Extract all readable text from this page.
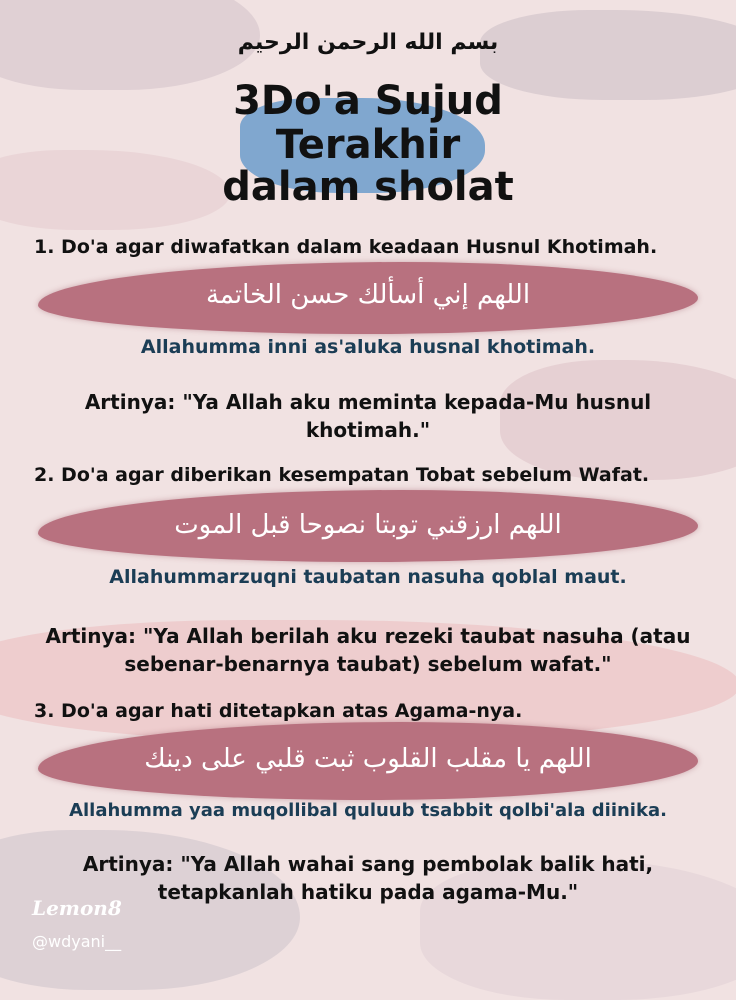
بسم الله الرحمن الرحيم
3Do'a Sujud
Terakhir
dalam sholat
1. Do'a agar diwafatkan dalam keadaan Husnul Khotimah.
اللهم إني أسألك حسن الخاتمة
Allahumma inni as'aluka husnal khotimah.
Artinya: "Ya Allah aku meminta kepada-Mu husnul
khotimah."
2. Do'a agar diberikan kesempatan Tobat sebelum Wafat.
اللهم ارزقني توبتا نصوحا قبل الموت
Allahummarzuqni taubatan nasuha qoblal maut.
Artinya: "Ya Allah berilah aku rezeki taubat nasuha (atau
sebenar-benarnya taubat) sebelum wafat."
3. Do'a agar hati ditetapkan atas Agama-nya.
اللهم يا مقلب القلوب ثبت قلبي على دينك
Allahumma yaa muqollibal quluub tsabbit qolbi'ala diinika.
Artinya: "Ya Allah wahai sang pembolak balik hati,
tetapkanlah hatiku pada agama-Mu."
Lemon8
@wdyani__
